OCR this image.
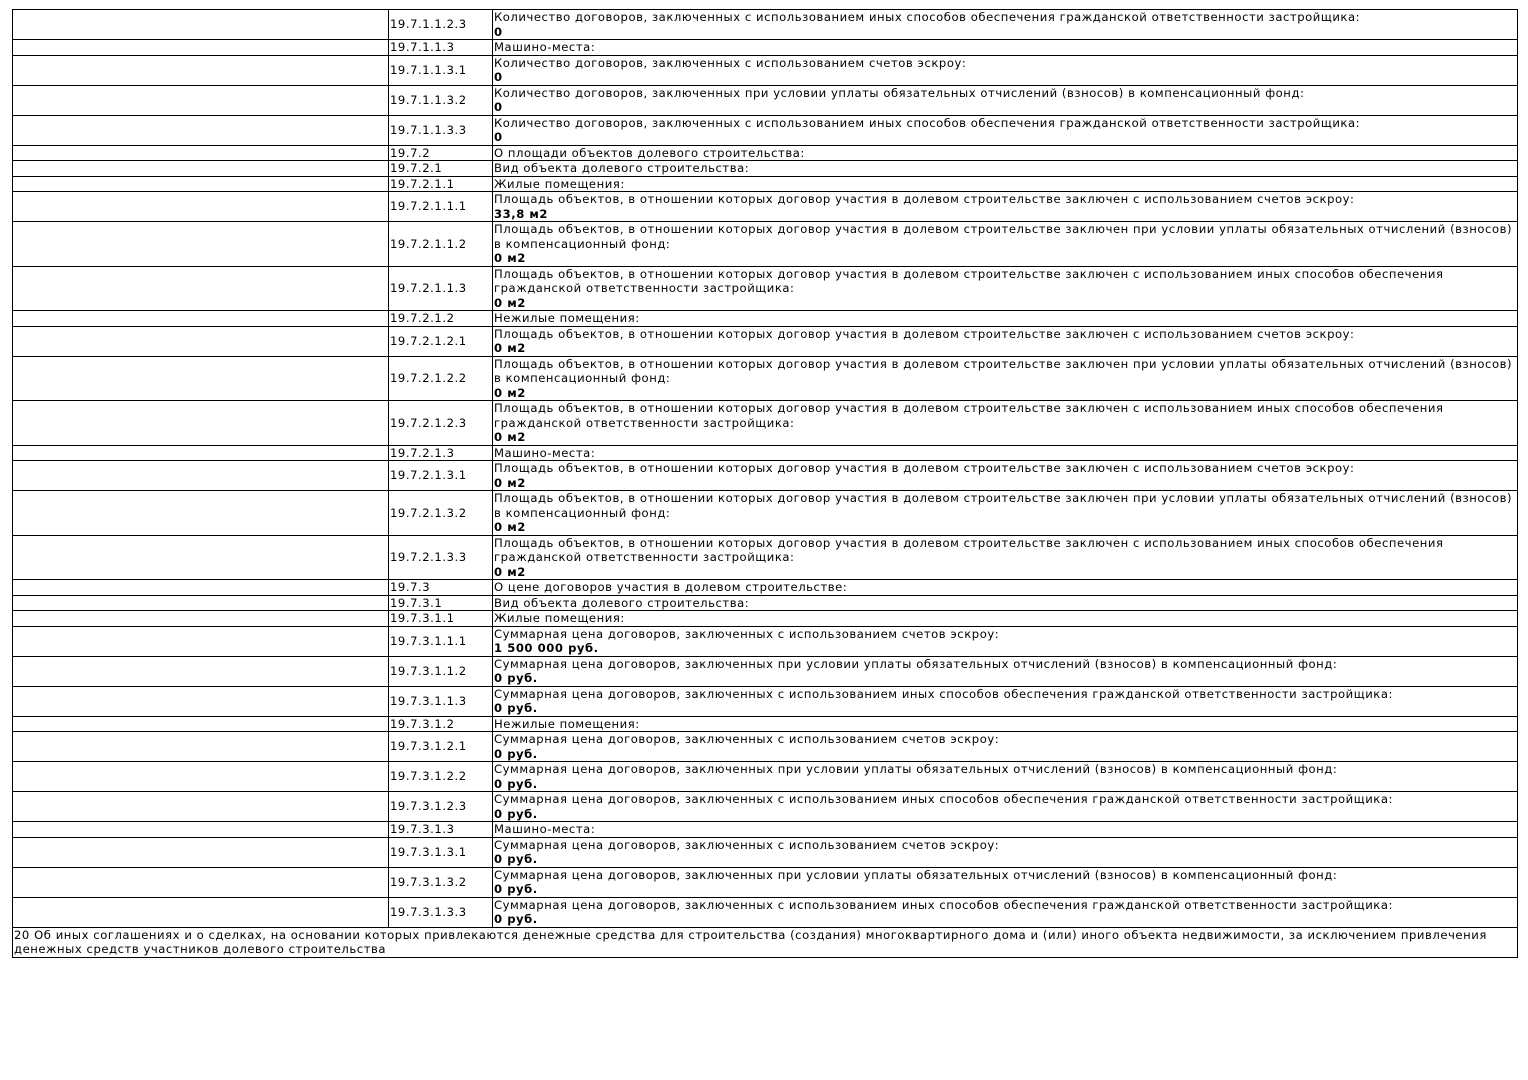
	19.7.1.1.2.3	Количество договоров, заключенных с использованием иных способов обеспечения гражданской ответственности застройщика:
0

	19.7.1.1.3	Машино-места:

	19.7.1.1.3.1	Количество договоров, заключенных с использованием счетов эскроу:
0

	19.7.1.1.3.2	Количество договоров, заключенных при условии уплаты обязательных отчислений (взносов) в компенсационный фонд:
0

	19.7.1.1.3.3	Количество договоров, заключенных с использованием иных способов обеспечения гражданской ответственности застройщика:
0

	19.7.2	О площади объектов долевого строительства:

	19.7.2.1	Вид объекта долевого строительства:

	19.7.2.1.1	Жилые помещения:

	19.7.2.1.1.1	Площадь объектов, в отношении которых договор участия в долевом строительстве заключен с использованием счетов эскроу:
33,8 м2

	19.7.2.1.1.2	Площадь объектов, в отношении которых договор участия в долевом строительстве заключен при условии уплаты обязательных отчислений (взносов) в компенсационный фонд:
0 м2

	19.7.2.1.1.3	Площадь объектов, в отношении которых договор участия в долевом строительстве заключен с использованием иных способов обеспечения гражданской ответственности застройщика:
0 м2

	19.7.2.1.2	Нежилые помещения:

	19.7.2.1.2.1	Площадь объектов, в отношении которых договор участия в долевом строительстве заключен с использованием счетов эскроу:
0 м2

	19.7.2.1.2.2	Площадь объектов, в отношении которых договор участия в долевом строительстве заключен при условии уплаты обязательных отчислений (взносов) в компенсационный фонд:
0 м2

	19.7.2.1.2.3	Площадь объектов, в отношении которых договор участия в долевом строительстве заключен с использованием иных способов обеспечения гражданской ответственности застройщика:
0 м2

	19.7.2.1.3	Машино-места:

	19.7.2.1.3.1	Площадь объектов, в отношении которых договор участия в долевом строительстве заключен с использованием счетов эскроу:
0 м2

	19.7.2.1.3.2	Площадь объектов, в отношении которых договор участия в долевом строительстве заключен при условии уплаты обязательных отчислений (взносов) в компенсационный фонд:
0 м2

	19.7.2.1.3.3	Площадь объектов, в отношении которых договор участия в долевом строительстве заключен с использованием иных способов обеспечения гражданской ответственности застройщика:
0 м2

	19.7.3	О цене договоров участия в долевом строительстве:

	19.7.3.1	Вид объекта долевого строительства:

	19.7.3.1.1	Жилые помещения:

	19.7.3.1.1.1	Суммарная цена договоров, заключенных с использованием счетов эскроу:
1 500 000 руб.

	19.7.3.1.1.2	Суммарная цена договоров, заключенных при условии уплаты обязательных отчислений (взносов) в компенсационный фонд:
0 руб.

	19.7.3.1.1.3	Суммарная цена договоров, заключенных с использованием иных способов обеспечения гражданской ответственности застройщика:
0 руб.

	19.7.3.1.2	Нежилые помещения:

	19.7.3.1.2.1	Суммарная цена договоров, заключенных с использованием счетов эскроу:
0 руб.

	19.7.3.1.2.2	Суммарная цена договоров, заключенных при условии уплаты обязательных отчислений (взносов) в компенсационный фонд:
0 руб.

	19.7.3.1.2.3	Суммарная цена договоров, заключенных с использованием иных способов обеспечения гражданской ответственности застройщика:
0 руб.

	19.7.3.1.3	Машино-места:

	19.7.3.1.3.1	Суммарная цена договоров, заключенных с использованием счетов эскроу:
0 руб.

	19.7.3.1.3.2	Суммарная цена договоров, заключенных при условии уплаты обязательных отчислений (взносов) в компенсационный фонд:
0 руб.

	19.7.3.1.3.3	Суммарная цена договоров, заключенных с использованием иных способов обеспечения гражданской ответственности застройщика:
0 руб.

20 Об иных соглашениях и о сделках, на основании которых привлекаются денежные средства для строительства (создания) многоквартирного дома и (или) иного объекта недвижимости, за исключением привлечения денежных средств участников долевого строительства		
